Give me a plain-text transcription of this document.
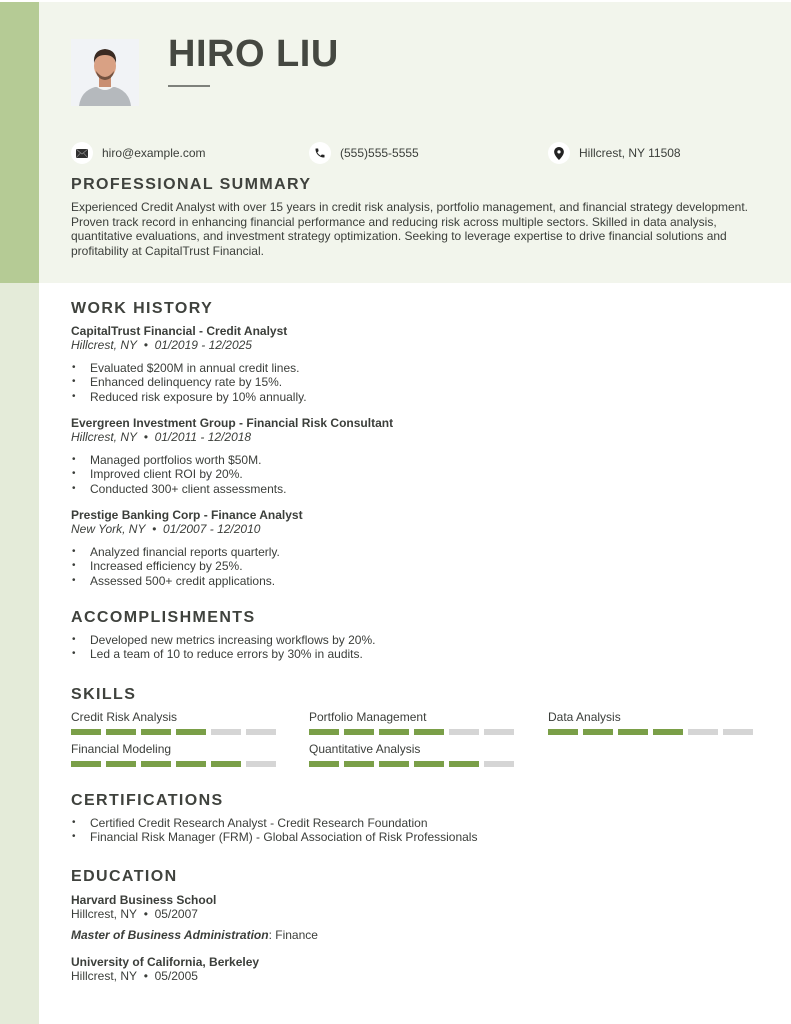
HIRO LIU
hiro@example.com	(555)555-5555	Hillcrest, NY 11508
PROFESSIONAL SUMMARY
Experienced Credit Analyst with over 15 years in credit risk analysis, portfolio management, and financial strategy development. Proven track record in enhancing financial performance and reducing risk across multiple sectors. Skilled in data analysis, quantitative evaluations, and investment strategy optimization. Seeking to leverage expertise to drive financial solutions and profitability at CapitalTrust Financial.
WORK HISTORY
CapitalTrust Financial - Credit Analyst
Hillcrest, NY • 01/2019 - 12/2025
• Evaluated $200M in annual credit lines.
• Enhanced delinquency rate by 15%.
• Reduced risk exposure by 10% annually.
Evergreen Investment Group - Financial Risk Consultant
Hillcrest, NY • 01/2011 - 12/2018
• Managed portfolios worth $50M.
• Improved client ROI by 20%.
• Conducted 300+ client assessments.
Prestige Banking Corp - Finance Analyst
New York, NY • 01/2007 - 12/2010
• Analyzed financial reports quarterly.
• Increased efficiency by 25%.
• Assessed 500+ credit applications.
ACCOMPLISHMENTS
• Developed new metrics increasing workflows by 20%.
• Led a team of 10 to reduce errors by 30% in audits.
SKILLS
Credit Risk Analysis	Portfolio Management	Data Analysis
Financial Modeling	Quantitative Analysis
CERTIFICATIONS
• Certified Credit Research Analyst - Credit Research Foundation
• Financial Risk Manager (FRM) - Global Association of Risk Professionals
EDUCATION
Harvard Business School
Hillcrest, NY • 05/2007
Master of Business Administration: Finance
University of California, Berkeley
Hillcrest, NY • 05/2005
